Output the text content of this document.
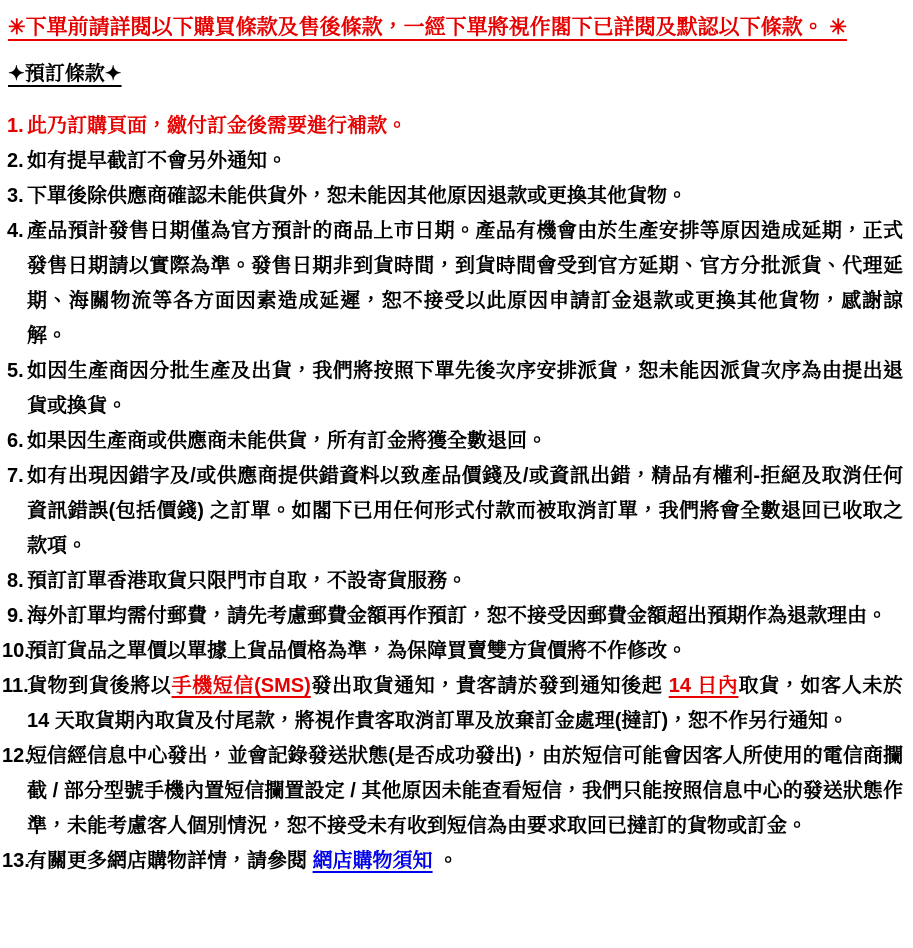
✳下單前請詳閱以下購買條款及售後條款，一經下單將視作閣下已詳閱及默認以下條款。 ✳
✦預訂條款✦
1. 此乃訂購頁面，繳付訂金後需要進行補款。
2. 如有提早截訂不會另外通知。
3. 下單後除供應商確認未能供貨外，恕未能因其他原因退款或更換其他貨物。
4. 產品預計發售日期僅為官方預計的商品上市日期。產品有機會由於生產安排等原因造成延期，正式發售日期請以實際為準。發售日期非到貨時間，到貨時間會受到官方延期、官方分批派貨、代理延期、海關物流等各方面因素造成延遲，恕不接受以此原因申請訂金退款或更換其他貨物，感謝諒解。
5. 如因生產商因分批生產及出貨，我們將按照下單先後次序安排派貨，恕未能因派貨次序為由提出退貨或換貨。
6. 如果因生產商或供應商未能供貨，所有訂金將獲全數退回。
7. 如有出現因錯字及/或供應商提供錯資料以致產品價錢及/或資訊出錯，精品有權利-拒絕及取消任何資訊錯誤(包括價錢) 之訂單。如閣下已用任何形式付款而被取消訂單，我們將會全數退回已收取之款項。
8. 預訂訂單香港取貨只限門市自取，不設寄貨服務。
9. 海外訂單均需付郵費，請先考慮郵費金額再作預訂，恕不接受因郵費金額超出預期作為退款理由。
10.
預訂貨品之單價以單據上貨品價格為準，為保障買賣雙方貨價將不作修改。
11.
貨物到貨後將以手機短信(SMS)發出取貨通知，貴客請於發到通知後起 14 日內取貨，如客人未於 14 天取貨期內取貨及付尾款，將視作貴客取消訂單及放棄訂金處理(撻訂)，恕不作另行通知。
12.
短信經信息中心發出，並會記錄發送狀態(是否成功發出)，由於短信可能會因客人所使用的電信商攔截 / 部分型號手機內置短信攔置設定 / 其他原因未能查看短信，我們只能按照信息中心的發送狀態作準，未能考慮客人個別情況，恕不接受未有收到短信為由要求取回已撻訂的貨物或訂金。
13.
有關更多網店購物詳情，請參閱 網店購物須知 。
